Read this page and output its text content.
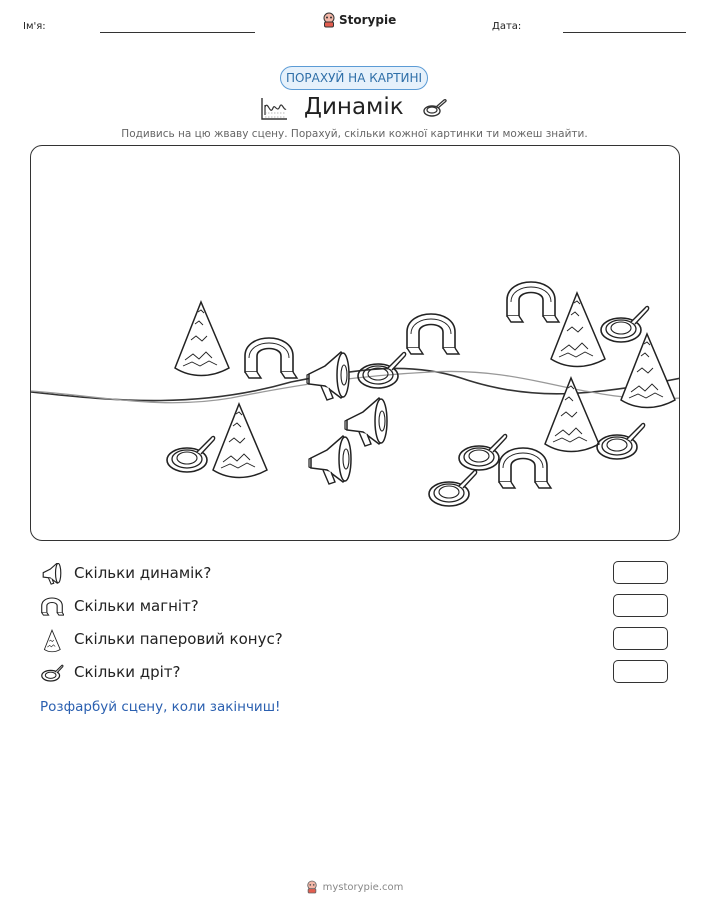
Ім'я:	Storypie	Дата:
ПОРАХУЙ НА КАРТИНІ
Динамік
Подивись на цю жваву сцену. Порахуй, скільки кожної картинки ти можеш знайти.
Скільки динамік?
Скільки магніт?
Скільки паперовий конус?
Скільки дріт?
Розфарбуй сцену, коли закінчиш!
mystorypie.com
